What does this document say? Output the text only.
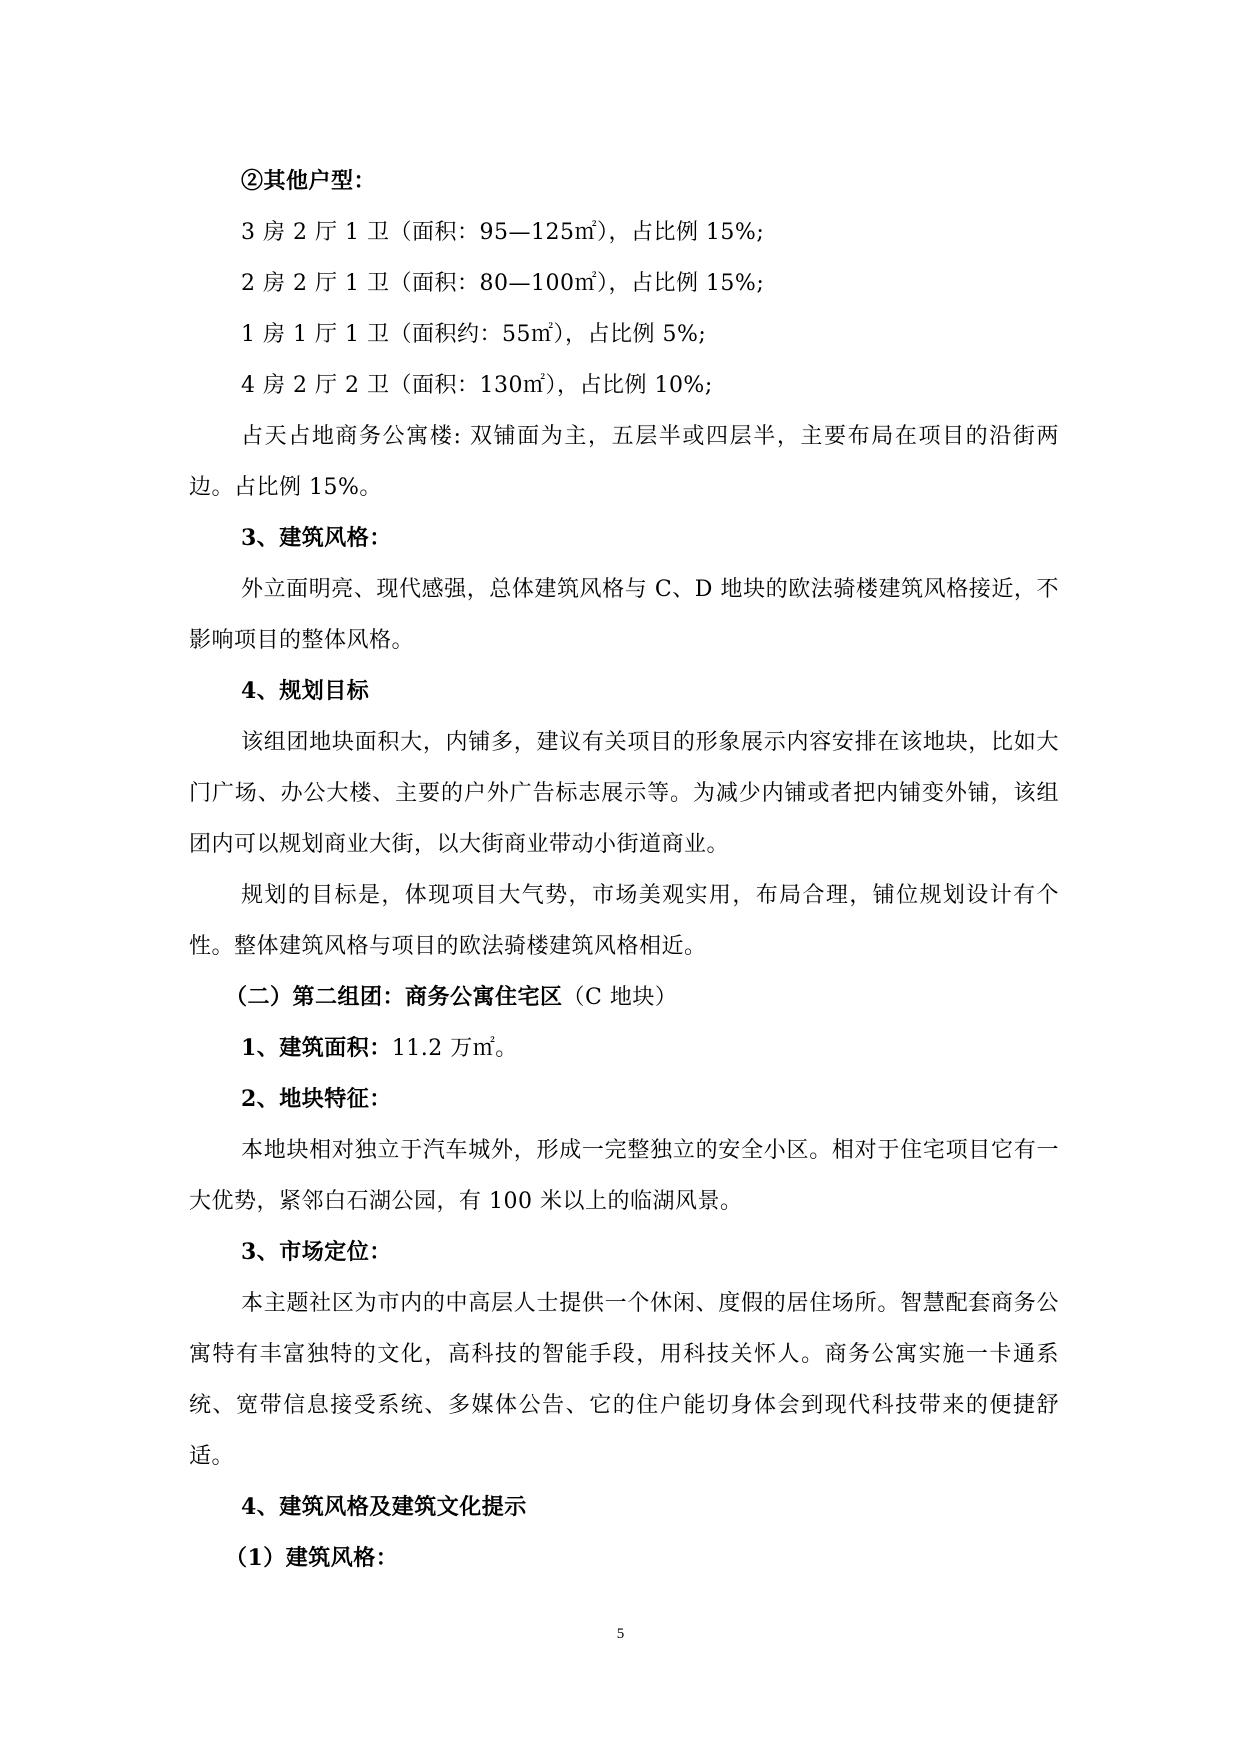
②其他户型：
3 房 2 厅 1 卫（面积：95—125㎡），占比例 15%;
2 房 2 厅 1 卫（面积：80—100㎡），占比例 15%;
1 房 1 厅 1 卫（面积约：55㎡），占比例 5%;
4 房 2 厅 2 卫（面积：130㎡），占比例 10%;
占天占地商务公寓楼: 双铺面为主，五层半或四层半，主要布局在项目的沿街两边。占比例 15%。
3、建筑风格：
外立面明亮、现代感强，总体建筑风格与 C、D 地块的欧法骑楼建筑风格接近，不影响项目的整体风格。
4、规划目标
该组团地块面积大，内铺多，建议有关项目的形象展示内容安排在该地块，比如大门广场、办公大楼、主要的户外广告标志展示等。为减少内铺或者把内铺变外铺，该组团内可以规划商业大街，以大街商业带动小街道商业。
规划的目标是，体现项目大气势，市场美观实用，布局合理，铺位规划设计有个性。整体建筑风格与项目的欧法骑楼建筑风格相近。
（二）第二组团：商务公寓住宅区（C 地块）
1、建筑面积：11.2 万㎡。
2、地块特征：
本地块相对独立于汽车城外，形成一完整独立的安全小区。相对于住宅项目它有一大优势，紧邻白石湖公园，有 100 米以上的临湖风景。
3、市场定位：
本主题社区为市内的中高层人士提供一个休闲、度假的居住场所。智慧配套商务公寓特有丰富独特的文化，高科技的智能手段，用科技关怀人。商务公寓实施一卡通系统、宽带信息接受系统、多媒体公告、它的住户能切身体会到现代科技带来的便捷舒适。
4、建筑风格及建筑文化提示
（1）建筑风格：
5
